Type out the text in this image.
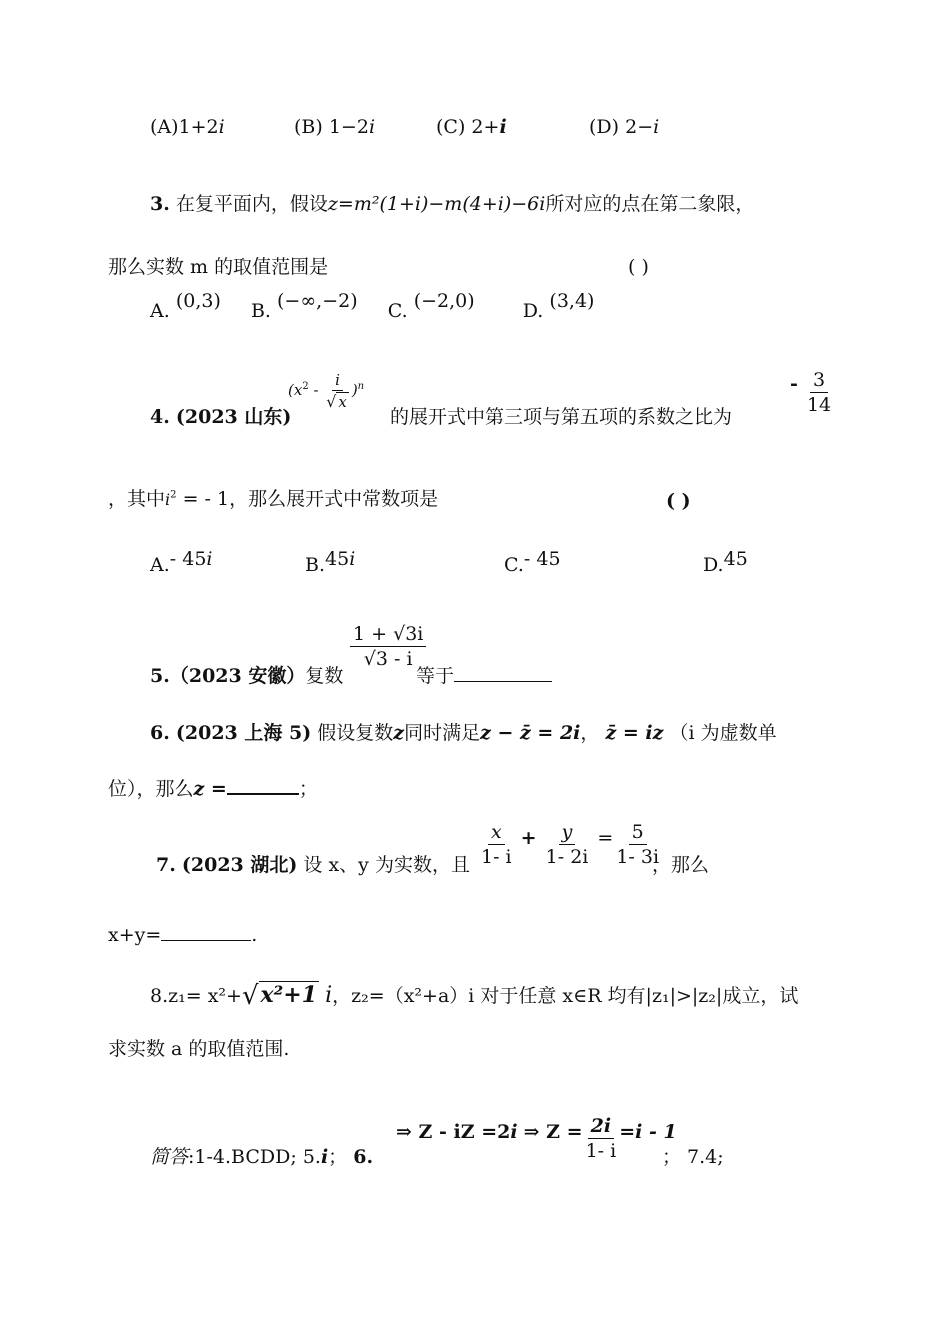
(A)1+2i	(B) 1−2i	(C) 2+i	(D) 2−i
3. 在复平面内，假设z=m²(1+i)−m(4+i)−6i所对应的点在第二象限，
那么实数 m 的取值范围是	( )
A. (0,3) B. (−∞,−2) C. (−2,0)	D. (3,4)
$(x^2 - \frac{i}{√ x} )^n$
4. (2023 山东)	的展开式中第三项与第五项的系数之比为
- $\frac{3}{14}$
，其中$i^2$ = - 1，那么展开式中常数项是	( )
A.- 45i	B.45i	C.- 45	D.45
5.（2023 安徽）复数
$\frac{1 + √3i}{√3 - i}$
等于
6. (2023 上海 5) 假设复数z同时满足z − z̄ = 2i， z̄ = iz （i 为虚数单
位），那么z =	；
7. (2023 湖北) 设 x、y 为实数，且 $\frac{x}{1- i} + \frac{y}{1- 2i} = \frac{5}{1- 3i}$
，那么
x+y=	.
8.z₁= x²+√x²+1 i，z₂=（x²+a）i 对于任意 x∈R 均有|z₁|>|z₂|成立，试
求实数 a 的取值范围.
简答:1-4.BCDD; 5.i； 6.
⇒ Z - iZ =2i ⇒ $Z = \frac{2i}{1- i} =i - 1$
； 7.4;
